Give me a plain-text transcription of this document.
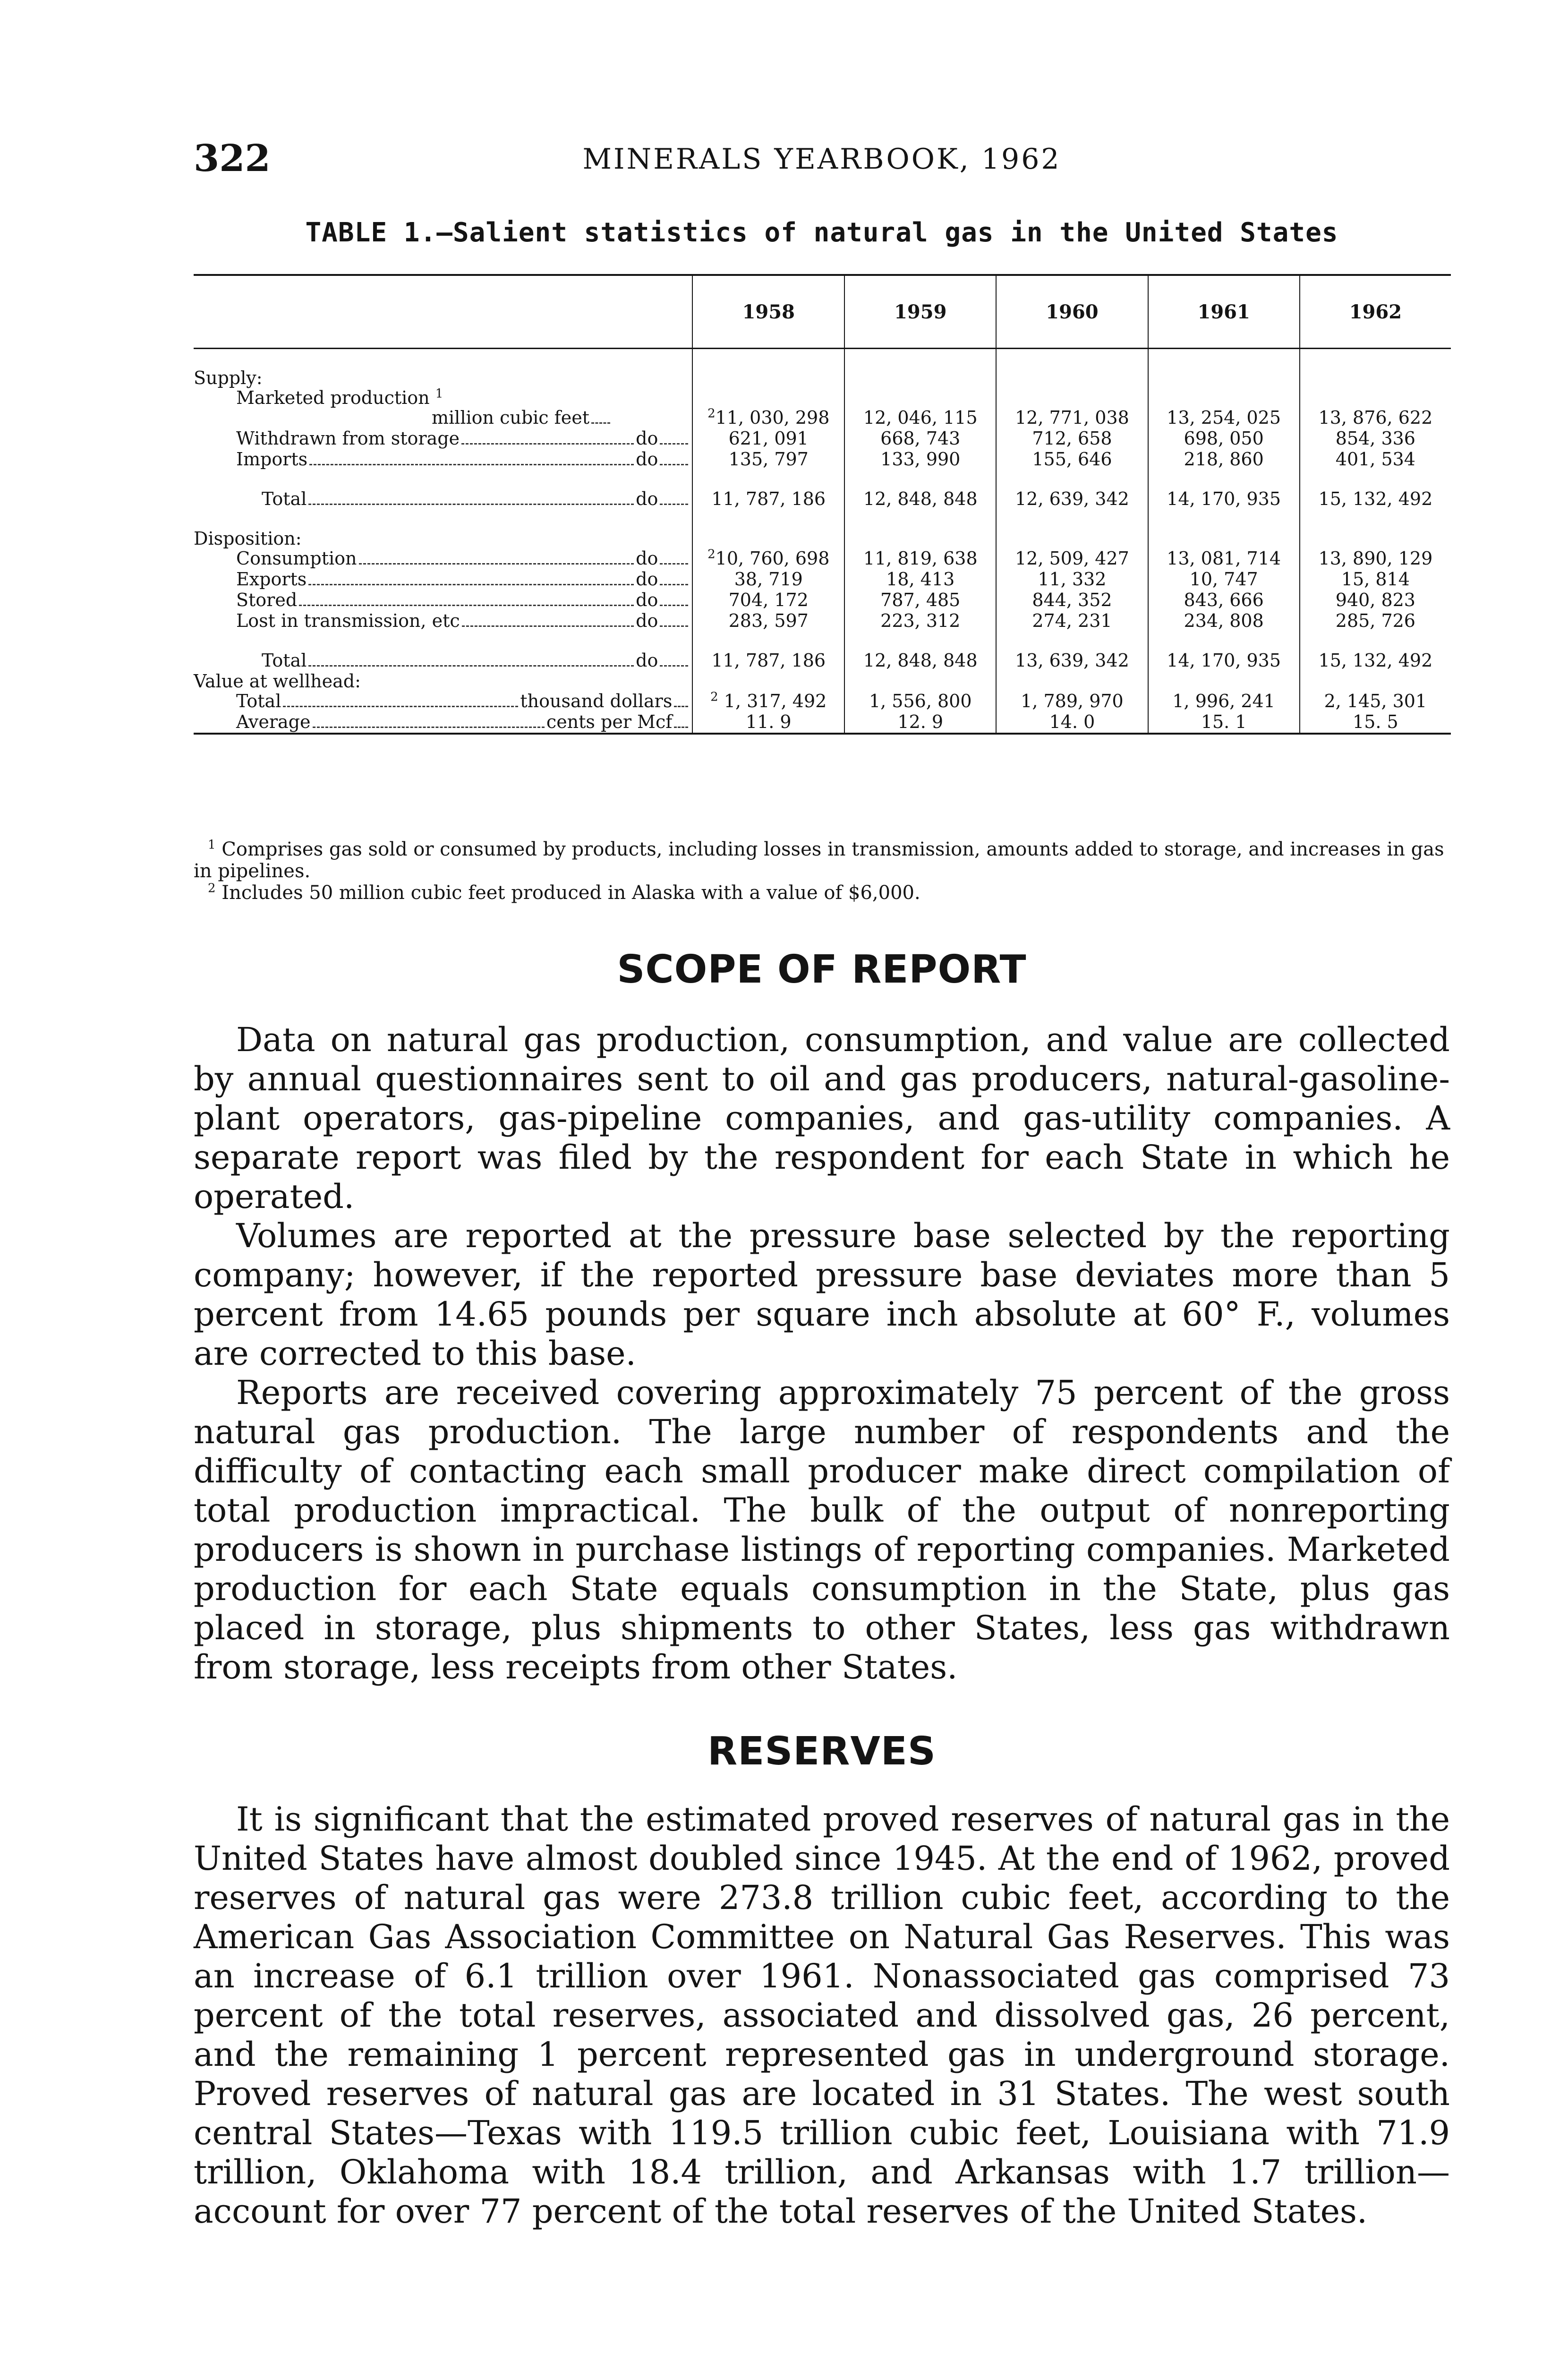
322	MINERALS YEARBOOK, 1962
TABLE 1.—Salient statistics of natural gas in the United States
	1958	1959	1960	1961	1962

Supply:					
Marketed production $^1$					

million cubic feet	$^2$11, 030, 298	12, 046, 115	12, 771, 038	13, 254, 025	13, 876, 622

Withdrawn from storage do	621, 091	668, 743	712, 658	698, 050	854, 336

Imports do	135, 797	133, 990	155, 646	218, 860	401, 534

Total do	11, 787, 186	12, 848, 848	12, 639, 342	14, 170, 935	15, 132, 492

Disposition:					

Consumption do	$^2$10, 760, 698	11, 819, 638	12, 509, 427	13, 081, 714	13, 890, 129

Exports do	38, 719	18, 413	11, 332	10, 747	15, 814

Stored do	704, 172	787, 485	844, 352	843, 666	940, 823

Lost in transmission, etc do	283, 597	223, 312	274, 231	234, 808	285, 726

Total do	11, 787, 186	12, 848, 848	13, 639, 342	14, 170, 935	15, 132, 492
Value at wellhead:					

Total thousand dollars	$^2$ 1, 317, 492	1, 556, 800	1, 789, 970	1, 996, 241	2, 145, 301

Average cents per Mcf	11. 9	12. 9	14. 0	15. 1	15. 5

$^1$ Comprises gas sold or consumed by products, including losses in transmission, amounts added to storage, and increases in gas in pipelines.

$^2$ Includes 50 million cubic feet produced in Alaska with a value of $6,000.

SCOPE OF REPORT

Data on natural gas production, consumption, and value are collected by annual questionnaires sent to oil and gas producers, natural-gasoline-plant operators, gas-pipeline companies, and gas-utility companies. A separate report was filed by the respondent for each State in which he operated.

Volumes are reported at the pressure base selected by the reporting company; however, if the reported pressure base deviates more than 5 percent from 14.65 pounds per square inch absolute at 60° F., volumes are corrected to this base.

Reports are received covering approximately 75 percent of the gross natural gas production. The large number of respondents and the difficulty of contacting each small producer make direct compilation of total production impractical. The bulk of the output of nonreporting producers is shown in purchase listings of reporting companies. Marketed production for each State equals consumption in the State, plus gas placed in storage, plus shipments to other States, less gas withdrawn from storage, less receipts from other States.

RESERVES

It is significant that the estimated proved reserves of natural gas in the United States have almost doubled since 1945. At the end of 1962, proved reserves of natural gas were 273.8 trillion cubic feet, according to the American Gas Association Committee on Natural Gas Reserves. This was an increase of 6.1 trillion over 1961. Nonassociated gas comprised 73 percent of the total reserves, associated and dissolved gas, 26 percent, and the remaining 1 percent represented gas in underground storage. Proved reserves of natural gas are located in 31 States. The west south central States—Texas with 119.5 trillion cubic feet, Louisiana with 71.9 trillion, Oklahoma with 18.4 trillion, and Arkansas with 1.7 trillion—account for over 77 percent of the total reserves of the United States.
